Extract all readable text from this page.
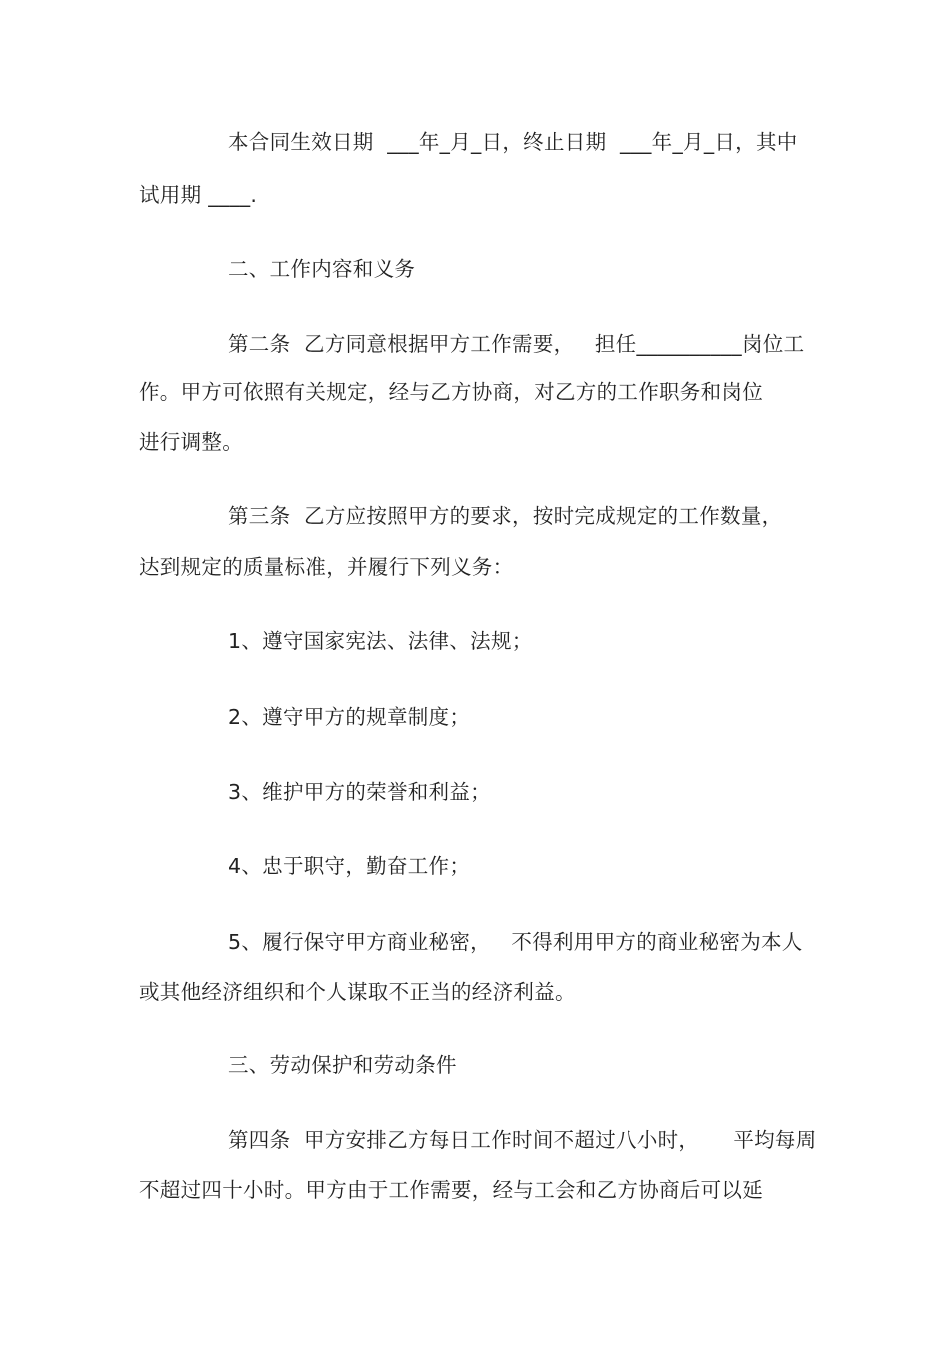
本合同生效日期  ___年_月_日，终止日期  ___年_月_日，其中
试用期 ____.
二、工作内容和义务
第二条  乙方同意根据甲方工作需要，   担任__________岗位工
作。甲方可依照有关规定，经与乙方协商，对乙方的工作职务和岗位
进行调整。
第三条  乙方应按照甲方的要求，按时完成规定的工作数量，
达到规定的质量标准，并履行下列义务：
1、遵守国家宪法、法律、法规；
2、遵守甲方的规章制度；
3、维护甲方的荣誉和利益；
4、忠于职守，勤奋工作；
5、履行保守甲方商业秘密，   不得利用甲方的商业秘密为本人
或其他经济组织和个人谋取不正当的经济利益。
三、劳动保护和劳动条件
第四条  甲方安排乙方每日工作时间不超过八小时，     平均每周
不超过四十小时。甲方由于工作需要，经与工会和乙方协商后可以延
